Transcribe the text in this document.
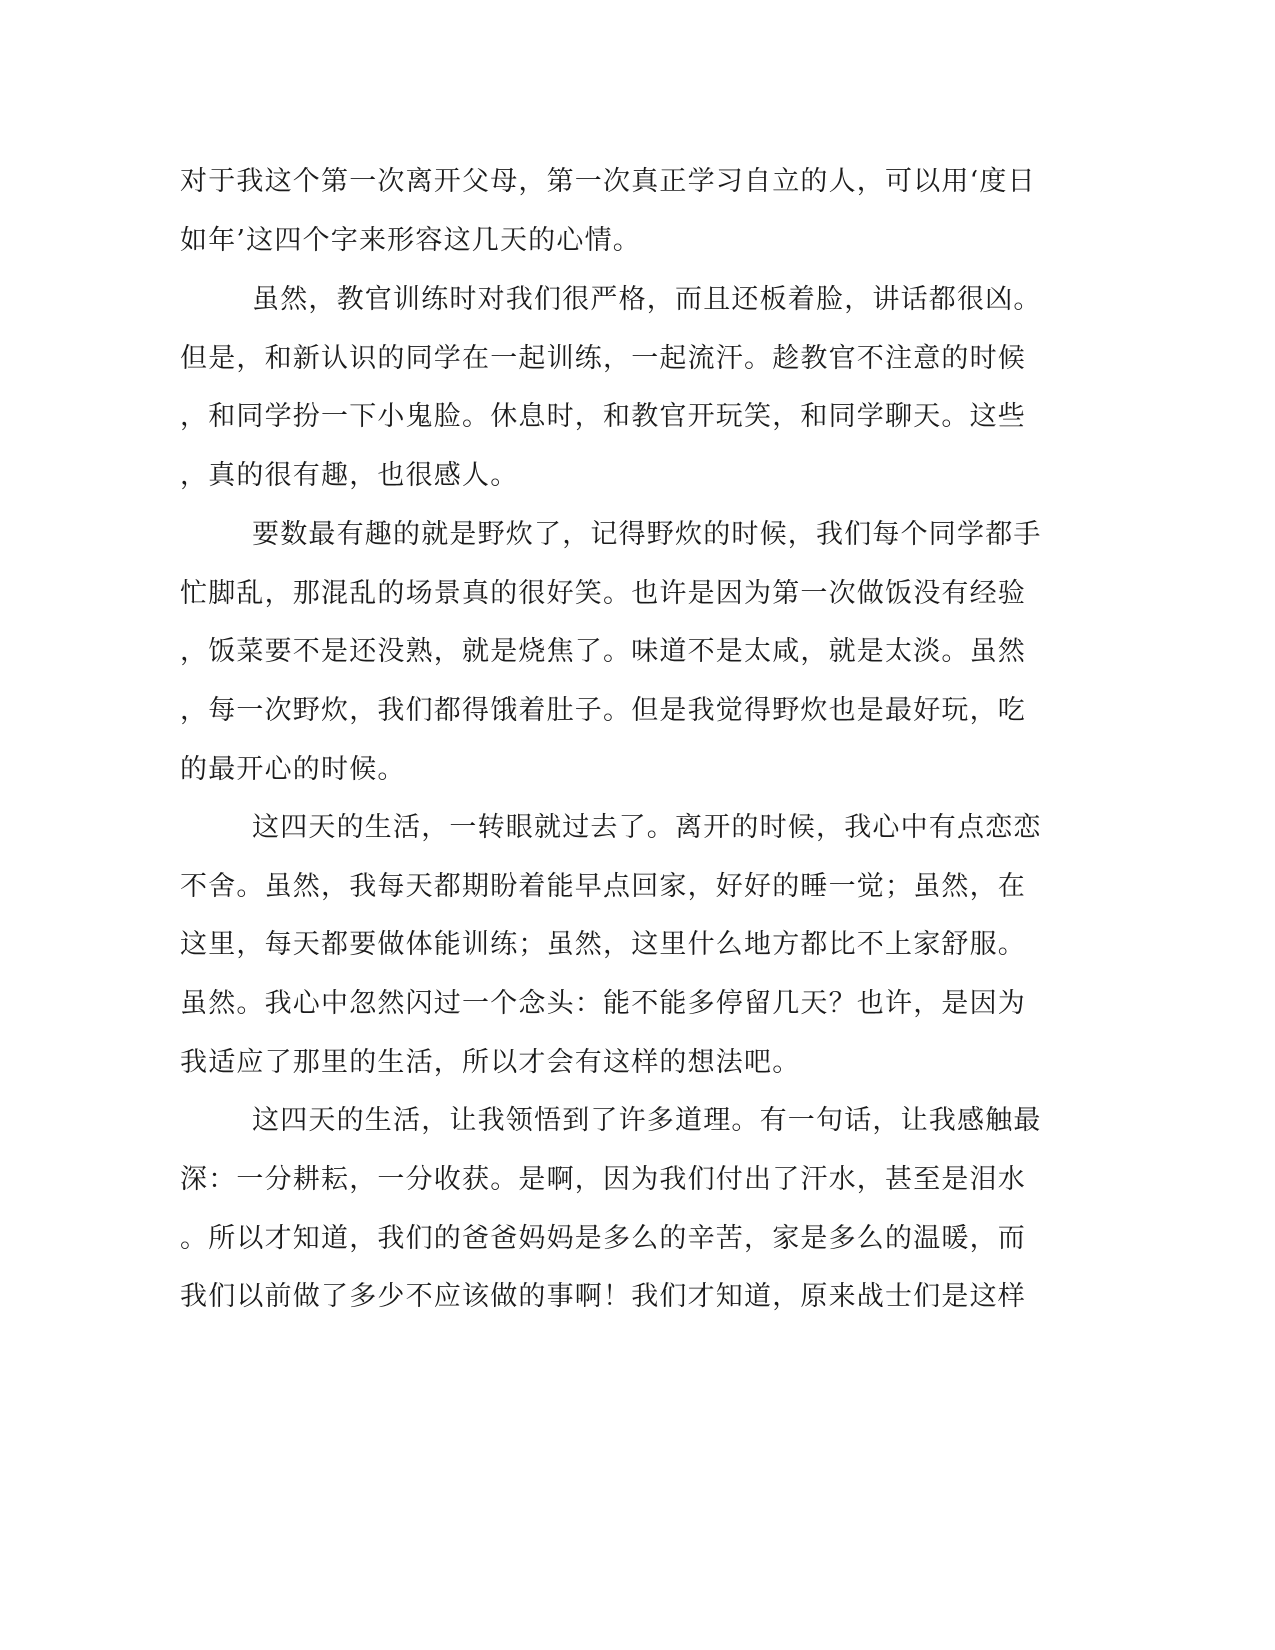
对于我这个第一次离开父母，第一次真正学习自立的人，可以用‘度日

如年’这四个字来形容这几天的心情。

虽然，教官训练时对我们很严格，而且还板着脸，讲话都很凶。

但是，和新认识的同学在一起训练，一起流汗。趁教官不注意的时候

，和同学扮一下小鬼脸。休息时，和教官开玩笑，和同学聊天。这些

，真的很有趣，也很感人。

要数最有趣的就是野炊了，记得野炊的时候，我们每个同学都手

忙脚乱，那混乱的场景真的很好笑。也许是因为第一次做饭没有经验

，饭菜要不是还没熟，就是烧焦了。味道不是太咸，就是太淡。虽然

，每一次野炊，我们都得饿着肚子。但是我觉得野炊也是最好玩，吃

的最开心的时候。

这四天的生活，一转眼就过去了。离开的时候，我心中有点恋恋

不舍。虽然，我每天都期盼着能早点回家，好好的睡一觉；虽然，在

这里，每天都要做体能训练；虽然，这里什么地方都比不上家舒服。

虽然。我心中忽然闪过一个念头：能不能多停留几天？也许，是因为

我适应了那里的生活，所以才会有这样的想法吧。

这四天的生活，让我领悟到了许多道理。有一句话，让我感触最

深：一分耕耘，一分收获。是啊，因为我们付出了汗水，甚至是泪水

。所以才知道，我们的爸爸妈妈是多么的辛苦，家是多么的温暖，而

我们以前做了多少不应该做的事啊！我们才知道，原来战士们是这样
